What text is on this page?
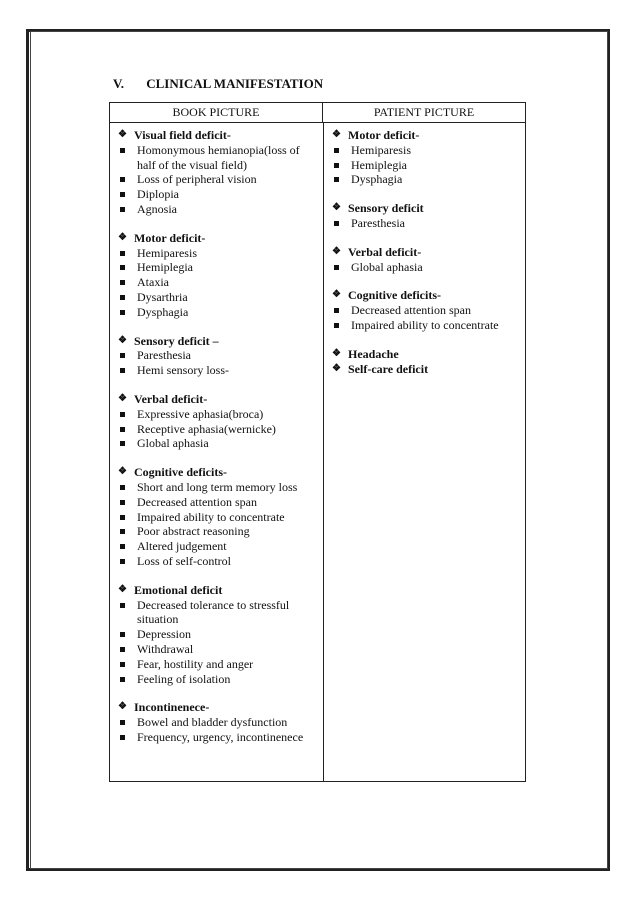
V. CLINICAL MANIFESTATION
BOOK PICTURE	PATIENT PICTURE
❖ Visual field deficit-
Homonymous hemianopia(loss of half of the visual field)
Loss of peripheral vision
Diplopia
Agnosia
❖ Motor deficit-
Hemiparesis
Hemiplegia
Ataxia
Dysarthria
Dysphagia
❖ Sensory deficit –
Paresthesia
Hemi sensory loss-
❖ Verbal deficit-
Expressive aphasia(broca)
Receptive aphasia(wernicke)
Global aphasia
❖ Cognitive deficits-
Short and long term memory loss
Decreased attention span
Impaired ability to concentrate
Poor abstract reasoning
Altered judgement
Loss of self-control
❖ Emotional deficit
Decreased tolerance to stressful situation
Depression
Withdrawal
Fear, hostility and anger
Feeling of isolation
❖ Incontinenece-
Bowel and bladder dysfunction
Frequency, urgency, incontinenece
❖ Motor deficit-
Hemiparesis
Hemiplegia
Dysphagia
❖ Sensory deficit
Paresthesia
❖ Verbal deficit-
Global aphasia
❖ Cognitive deficits-
Decreased attention span
Impaired ability to concentrate
❖ Headache
❖ Self-care deficit
